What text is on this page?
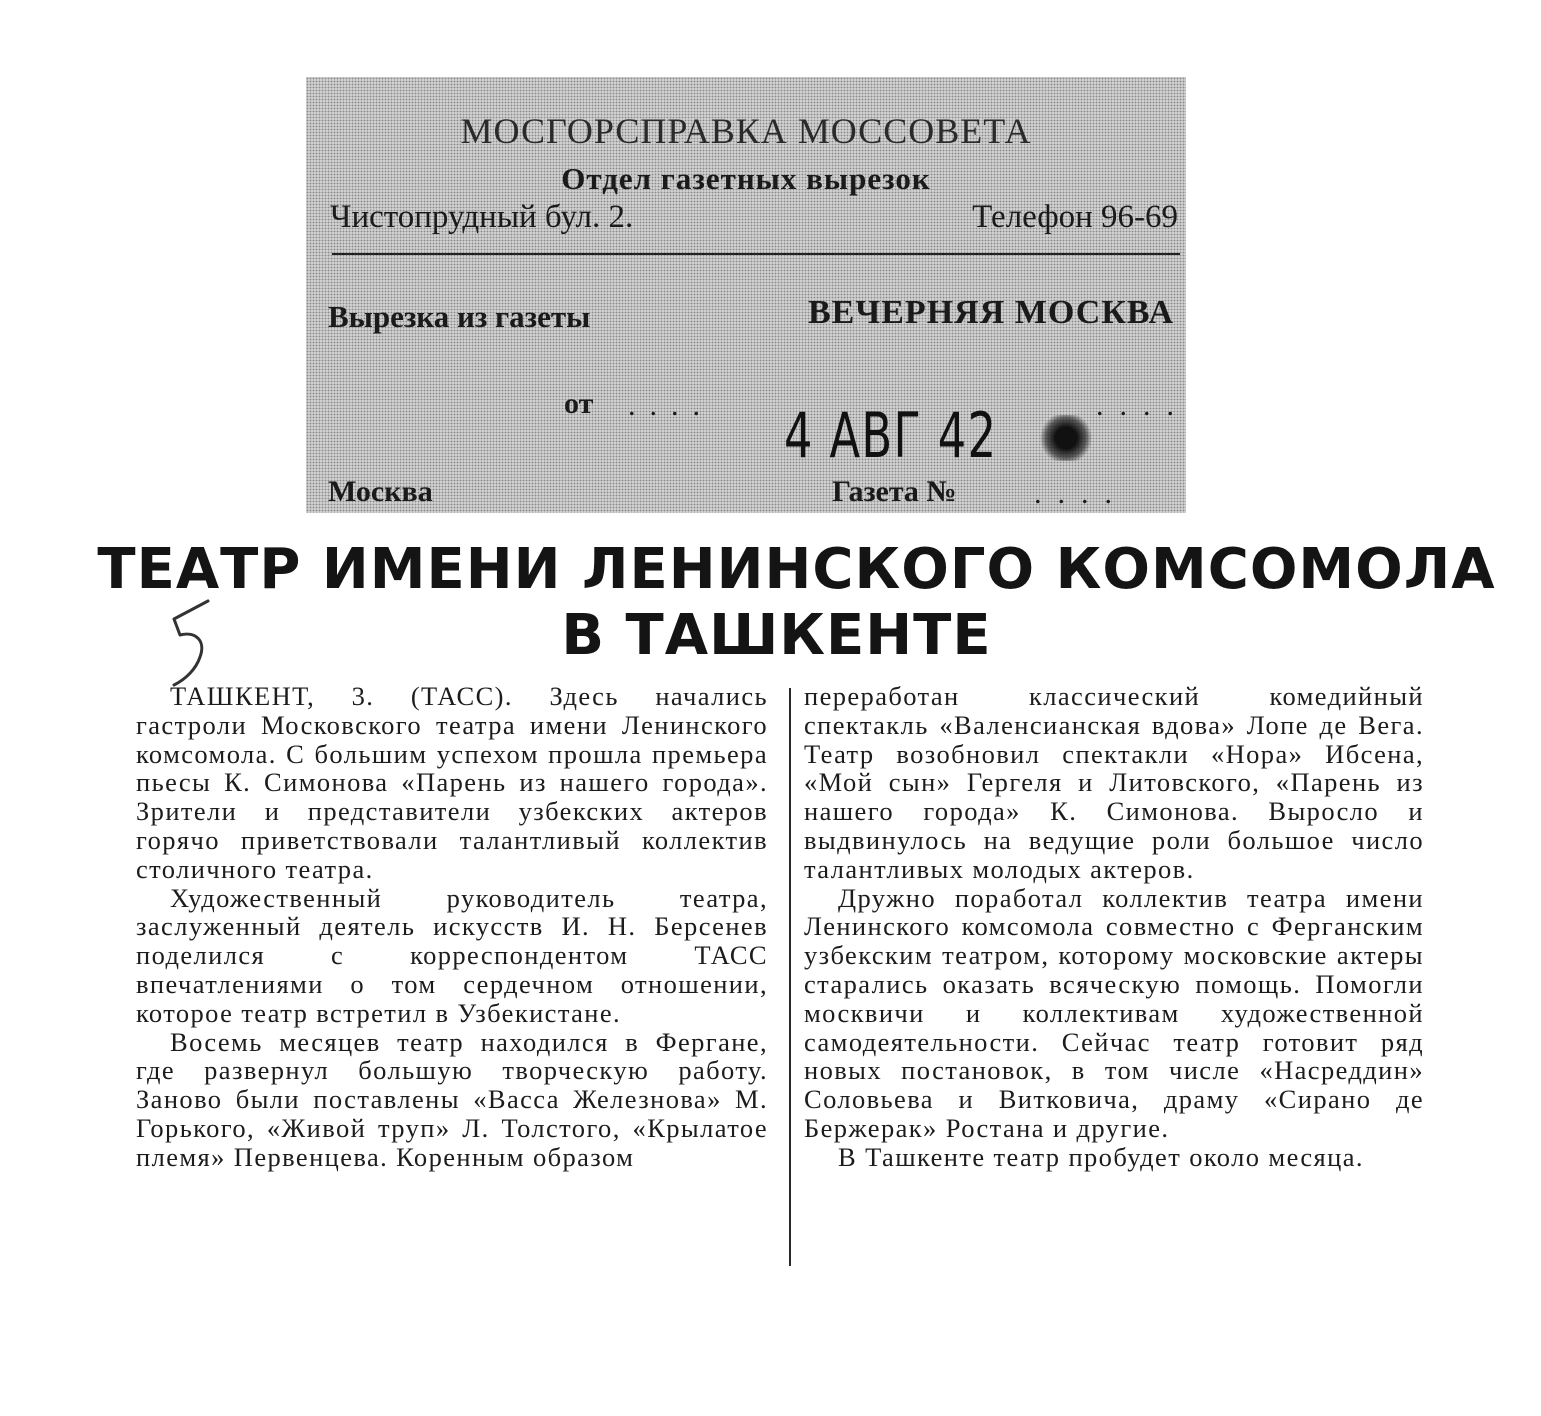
МОСГОРСПРАВКА МОССОВЕТА
Отдел газетных вырезок
Чистопрудный бул. 2.	Телефон 96-69
Вырезка из газеты	ВЕЧЕРНЯЯ МОСКВА
от .... 4 АВГ 42	....
Москва	Газета №	....
ТЕАТР ИМЕНИ ЛЕНИНСКОГО КОМСОМОЛА
В ТАШКЕНТЕ

ТАШКЕНТ, 3. (ТАСС). Здесь начались гастроли Московского театра имени Ленинского комсомола. С большим успехом прошла премьера пьесы К. Симонова «Парень из нашего города». Зрители и представители узбекских актеров горячо приветствовали талантливый коллектив столичного театра.

Художественный руководитель театра, заслуженный деятель искусств И. Н. Берсенев поделился с корреспондентом ТАСС впечатлениями о том сердечном отношении, которое театр встретил в Узбекистане.

Восемь месяцев театр находился в Фергане, где развернул большую творческую работу. Заново были поставлены «Васса Железнова» М. Горького, «Живой труп» Л. Толстого, «Крылатое племя» Первенцева. Коренным образом

переработан классический комедийный спектакль «Валенсианская вдова» Лопе де Вега. Театр возобновил спектакли «Нора» Ибсена, «Мой сын» Гергеля и Литовского, «Парень из нашего города» К. Симонова. Выросло и выдвинулось на ведущие роли большое число талантливых молодых актеров.

Дружно поработал коллектив театра имени Ленинского комсомола совместно с Ферганским узбекским театром, которому московские актеры старались оказать всяческую помощь. Помогли москвичи и коллективам художественной самодеятельности. Сейчас театр готовит ряд новых постановок, в том числе «Насреддин» Соловьева и Витковича, драму «Сирано де Бержерак» Ростана и другие.

В Ташкенте театр пробудет около месяца.
